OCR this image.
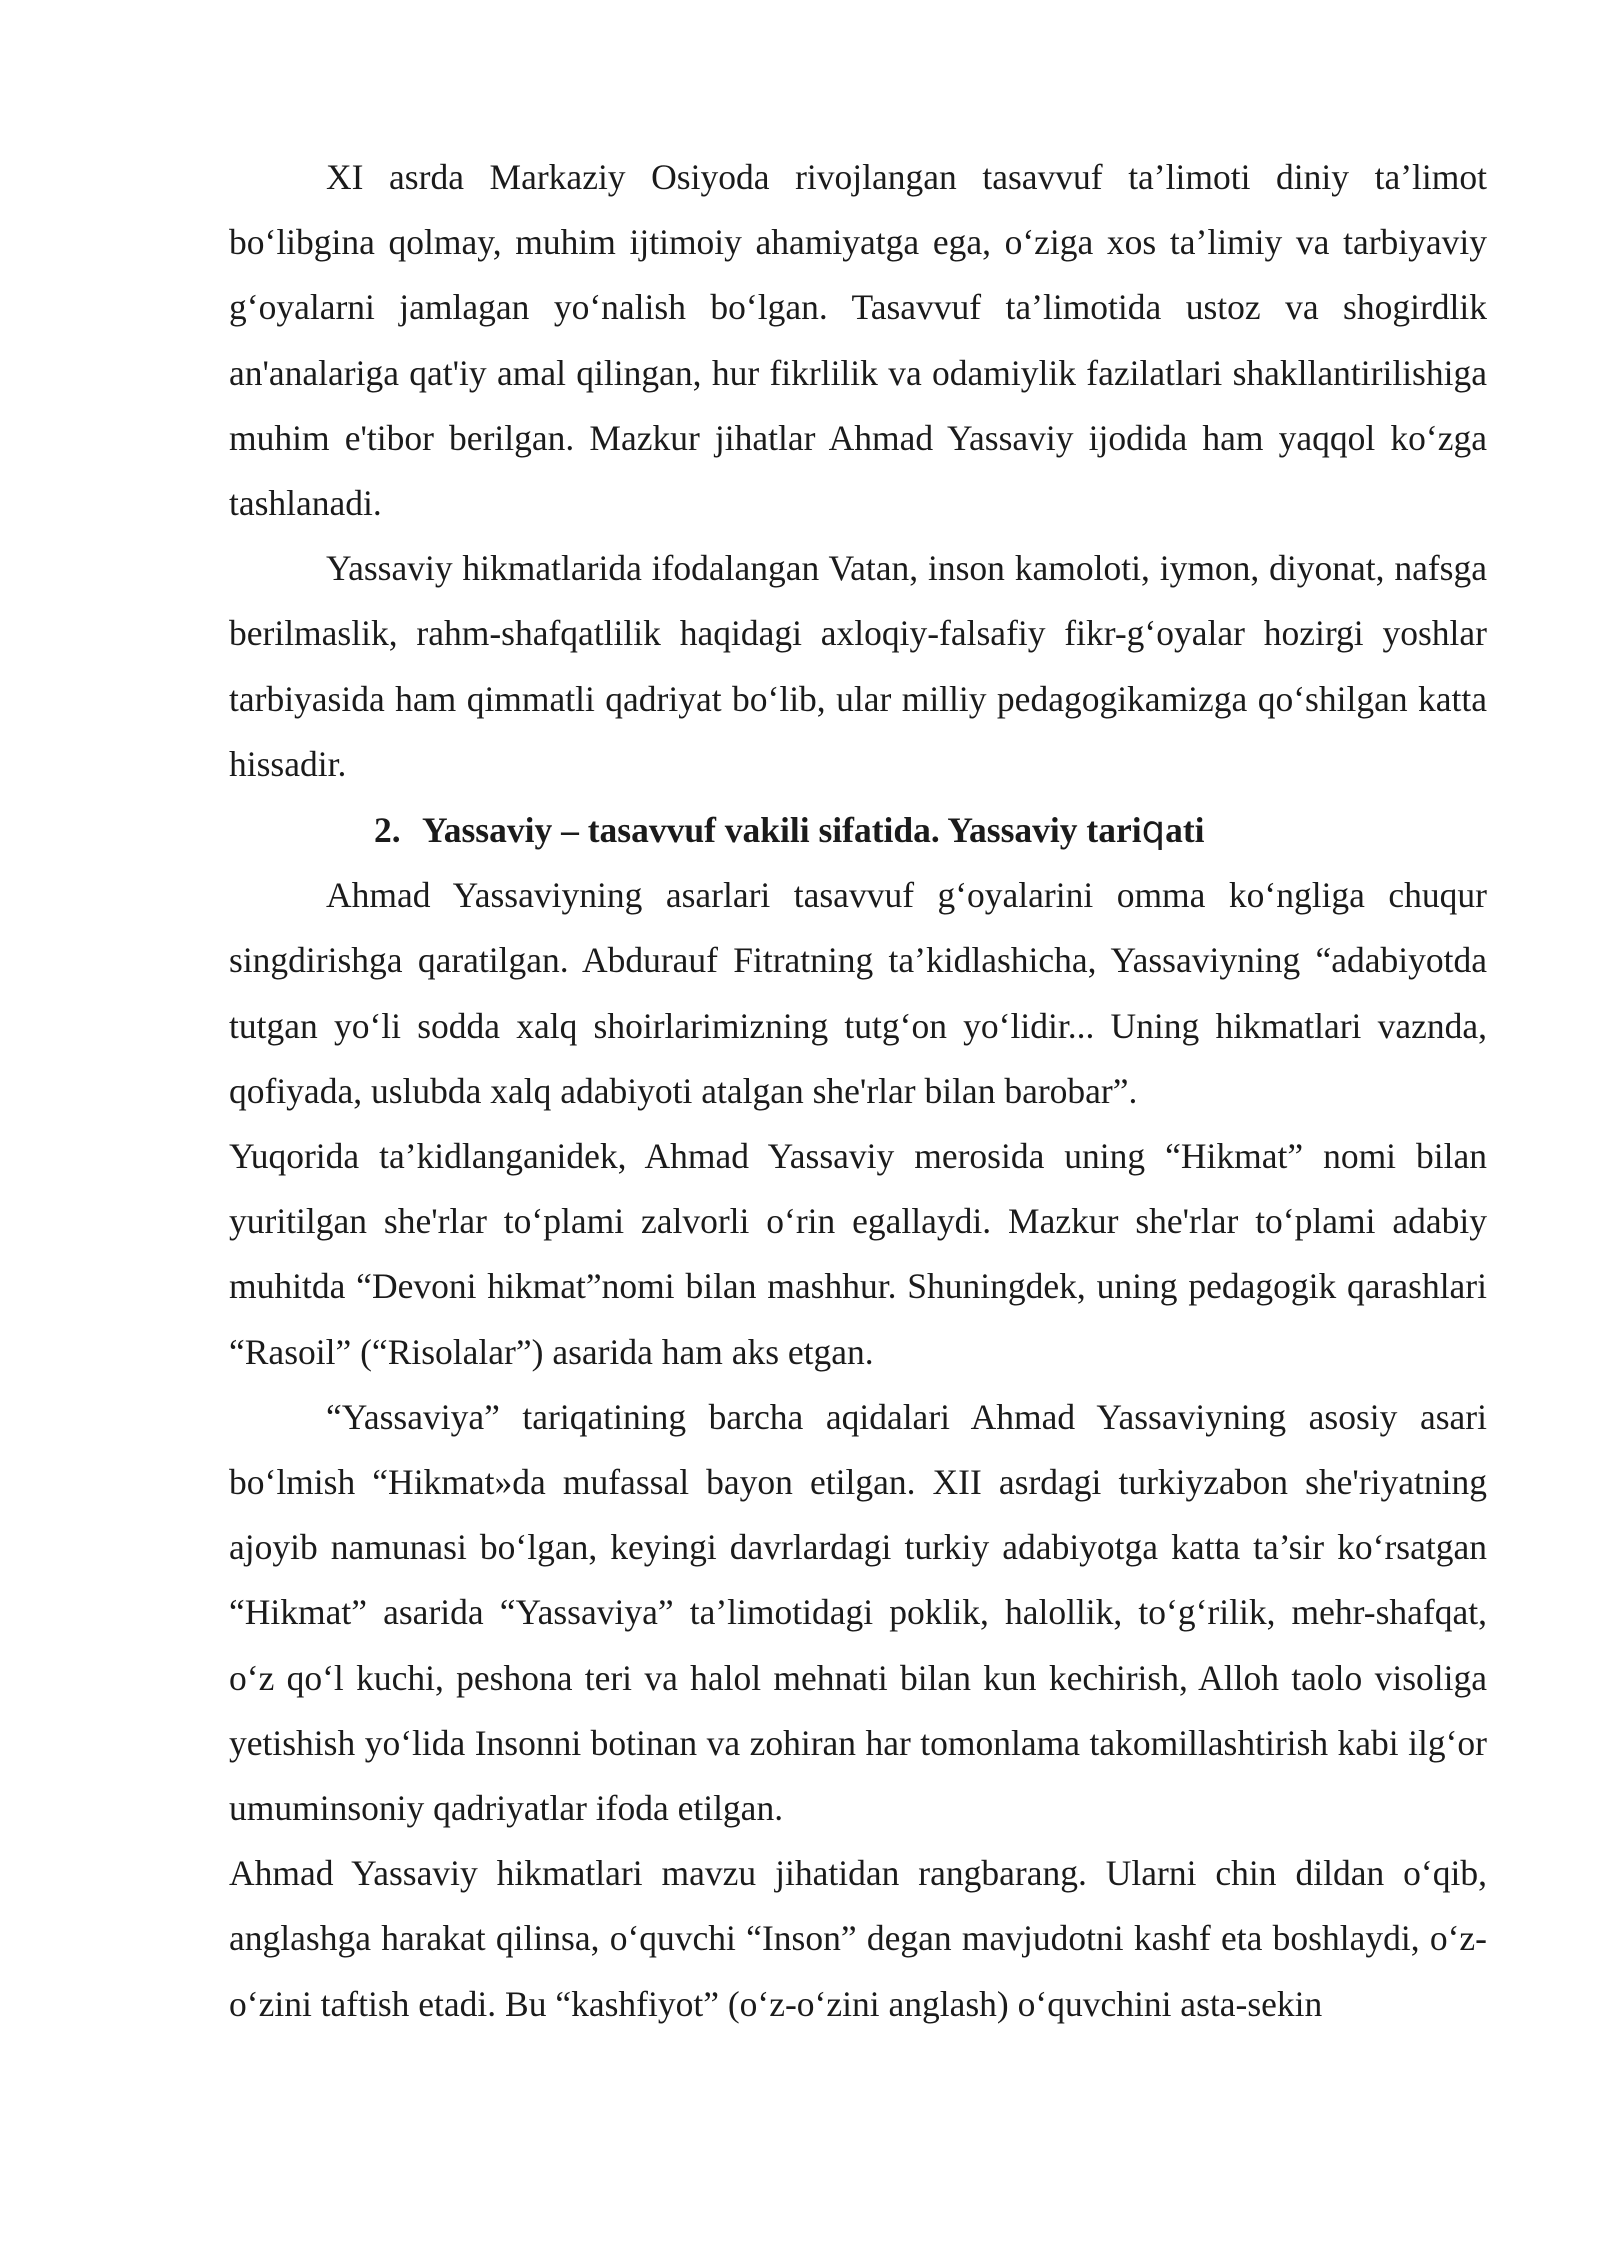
XI asrda Markaziy Osiyoda rivojlangan tasavvuf ta’limoti diniy ta’limot bo‘libgina qolmay, muhim ijtimoiy ahamiyatga ega, o‘ziga xos ta’limiy va tarbiyaviy g‘oyalarni jamlagan yo‘nalish bo‘lgan. Tasavvuf ta’limotida ustoz va shogirdlik an'analariga qat'iy amal qilingan, hur fikrlilik va odamiylik fazilatlari shakllantirilishiga muhim e'tibor berilgan. Mazkur jihatlar Ahmad Yassaviy ijodida ham yaqqol ko‘zga tashlanadi.

Yassaviy hikmatlarida ifodalangan Vatan, inson kamoloti, iymon, diyonat, nafsga berilmaslik, rahm-shafqatlilik haqidagi axloqiy-falsafiy fikr-g‘oyalar hozirgi yoshlar tarbiyasida ham qimmatli qadriyat bo‘lib, ular milliy pedagogikamizga qo‘shilgan katta hissadir.

2. Yassaviy – tasavvuf vakili sifatida. Yassaviy tariqati

Ahmad Yassaviyning asarlari tasavvuf g‘oyalarini omma ko‘ngliga chuqur singdirishga qaratilgan. Abdurauf Fitratning ta’kidlashicha, Yassaviyning “adabiyotda tutgan yo‘li sodda xalq shoirlarimizning tutg‘on yo‘lidir... Uning hikmatlari vaznda, qofiyada, uslubda xalq adabiyoti atalgan she'rlar bilan barobar”.

Yuqorida ta’kidlanganidek, Ahmad Yassaviy merosida uning “Hikmat” nomi bilan yuritilgan she'rlar to‘plami zalvorli o‘rin egallaydi. Mazkur she'rlar to‘plami adabiy muhitda “Devoni hikmat”nomi bilan mashhur. Shuningdek, uning pedagogik qarashlari “Rasoil” (“Risolalar”) asarida ham aks etgan.

“Yassaviya” tariqatining barcha aqidalari Ahmad Yassaviyning asosiy asari bo‘lmish “Hikmat»da mufassal bayon etilgan. XII asrdagi turkiyzabon she'riyatning ajoyib namunasi bo‘lgan, keyingi davrlardagi turkiy adabiyotga katta ta’sir ko‘rsatgan “Hikmat” asarida “Yassaviya” ta’limotidagi poklik, halollik, to‘g‘rilik, mehr-shafqat, o‘z qo‘l kuchi, peshona teri va halol mehnati bilan kun kechirish, Alloh taolo visoliga yetishish yo‘lida Insonni botinan va zohiran har tomonlama takomillashtirish kabi ilg‘or umuminsoniy qadriyatlar ifoda etilgan.

Ahmad Yassaviy hikmatlari mavzu jihatidan rangbarang. Ularni chin dildan o‘qib, anglashga harakat qilinsa, o‘quvchi “Inson” degan mavjudotni kashf eta boshlaydi, o‘z-o‘zini taftish etadi. Bu “kashfiyot” (o‘z-o‘zini anglash) o‘quvchini asta-sekin
